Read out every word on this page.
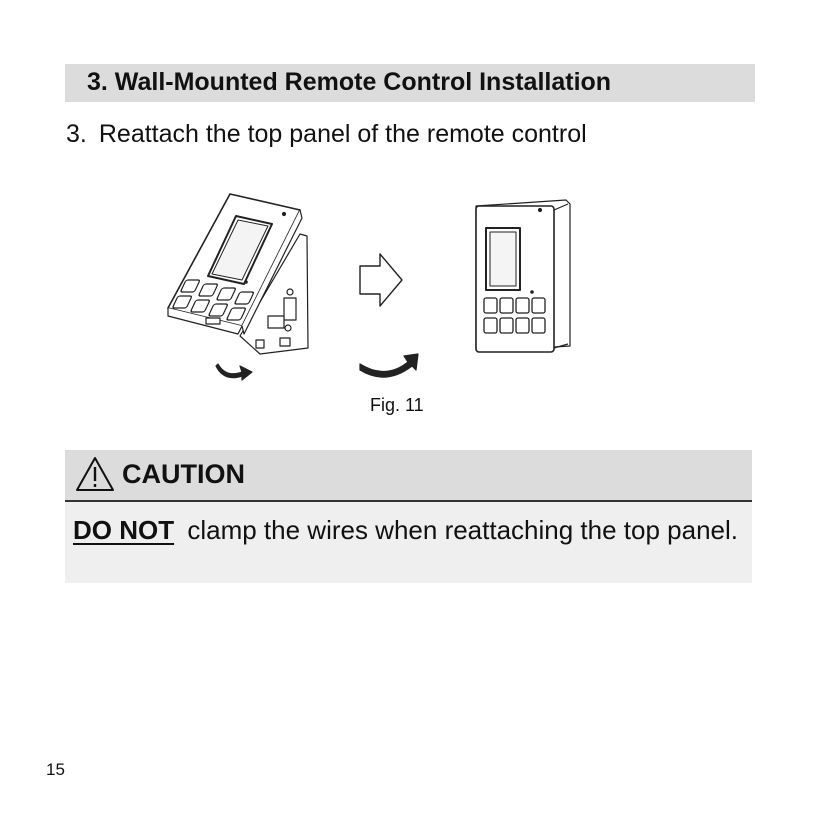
3. Wall-Mounted Remote Control Installation
3. Reattach the top panel of the remote control
Fig. 11
CAUTION
DO NOT clamp the wires when reattaching the top panel.
15
